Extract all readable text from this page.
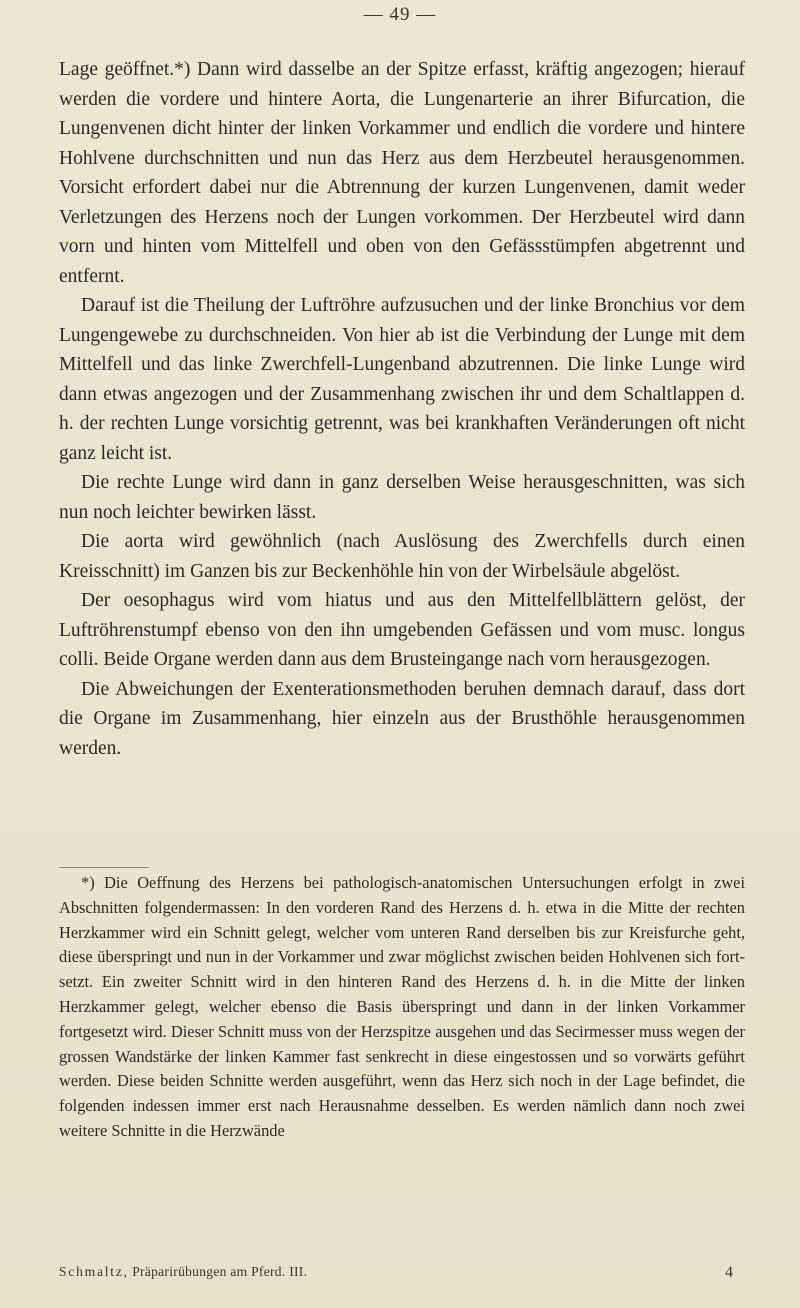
— 49 —

Lage geöffnet.*) Dann wird dasselbe an der Spitze erfasst, kräftig angezogen; hierauf werden die vordere und hintere Aorta, die Lungenarterie an ihrer Bifurcation, die Lungenvenen dicht hinter der linken Vorkammer und endlich die vordere und hintere Hohlvene durchschnitten und nun das Herz aus dem Herzbeutel herausgenommen. Vorsicht erfordert dabei nur die Abtrennung der kurzen Lungenvenen, damit weder Verletzungen des Herzens noch der Lungen vorkommen. Der Herzbeutel wird dann vorn und hinten vom Mittelfell und oben von den Gefässstümpfen abgetrennt und entfernt.

Darauf ist die Theilung der Luftröhre aufzusuchen und der linke Bronchius vor dem Lungengewebe zu durchschneiden. Von hier ab ist die Verbindung der Lunge mit dem Mittelfell und das linke Zwerchfell-Lungenband abzutrennen. Die linke Lunge wird dann etwas angezogen und der Zusammenhang zwischen ihr und dem Schaltlappen d. h. der rechten Lunge vorsichtig getrennt, was bei krankhaften Veränderungen oft nicht ganz leicht ist.

Die rechte Lunge wird dann in ganz derselben Weise herausgeschnitten, was sich nun noch leichter bewirken lässt.

Die aorta wird gewöhnlich (nach Auslösung des Zwerchfells durch einen Kreisschnitt) im Ganzen bis zur Beckenhöhle hin von der Wirbelsäule abgelöst.

Der oesophagus wird vom hiatus und aus den Mittelfellblättern gelöst, der Luftröhrenstumpf ebenso von den ihn umgebenden Gefässen und vom musc. longus colli. Beide Organe werden dann aus dem Brusteingange nach vorn herausgezogen.

Die Abweichungen der Exenterationsmethoden beruhen demnach darauf, dass dort die Organe im Zusammenhang, hier einzeln aus der Brusthöhle herausgenommen werden.

*) Die Oeffnung des Herzens bei pathologisch-anatomischen Untersuchungen erfolgt in zwei Abschnitten folgendermassen: In den vorderen Rand des Herzens d. h. etwa in die Mitte der rechten Herzkammer wird ein Schnitt gelegt, welcher vom unteren Rand derselben bis zur Kreisfurche geht, diese überspringt und nun in der Vorkammer und zwar möglichst zwischen beiden Hohlvenen sich fortsetzt. Ein zweiter Schnitt wird in den hinteren Rand des Herzens d. h. in die Mitte der linken Herzkammer gelegt, welcher ebenso die Basis überspringt und dann in der linken Vorkammer fortgesetzt wird. Dieser Schnitt muss von der Herzspitze ausgehen und das Secirmesser muss wegen der grossen Wandstärke der linken Kammer fast senkrecht in diese eingestossen und so vorwärts geführt werden. Diese beiden Schnitte werden ausgeführt, wenn das Herz sich noch in der Lage befindet, die folgenden indessen immer erst nach Herausnahme desselben. Es werden nämlich dann noch zwei weitere Schnitte in die Herzwände

Schmaltz, Präparirübungen am Pferd. III.	4
